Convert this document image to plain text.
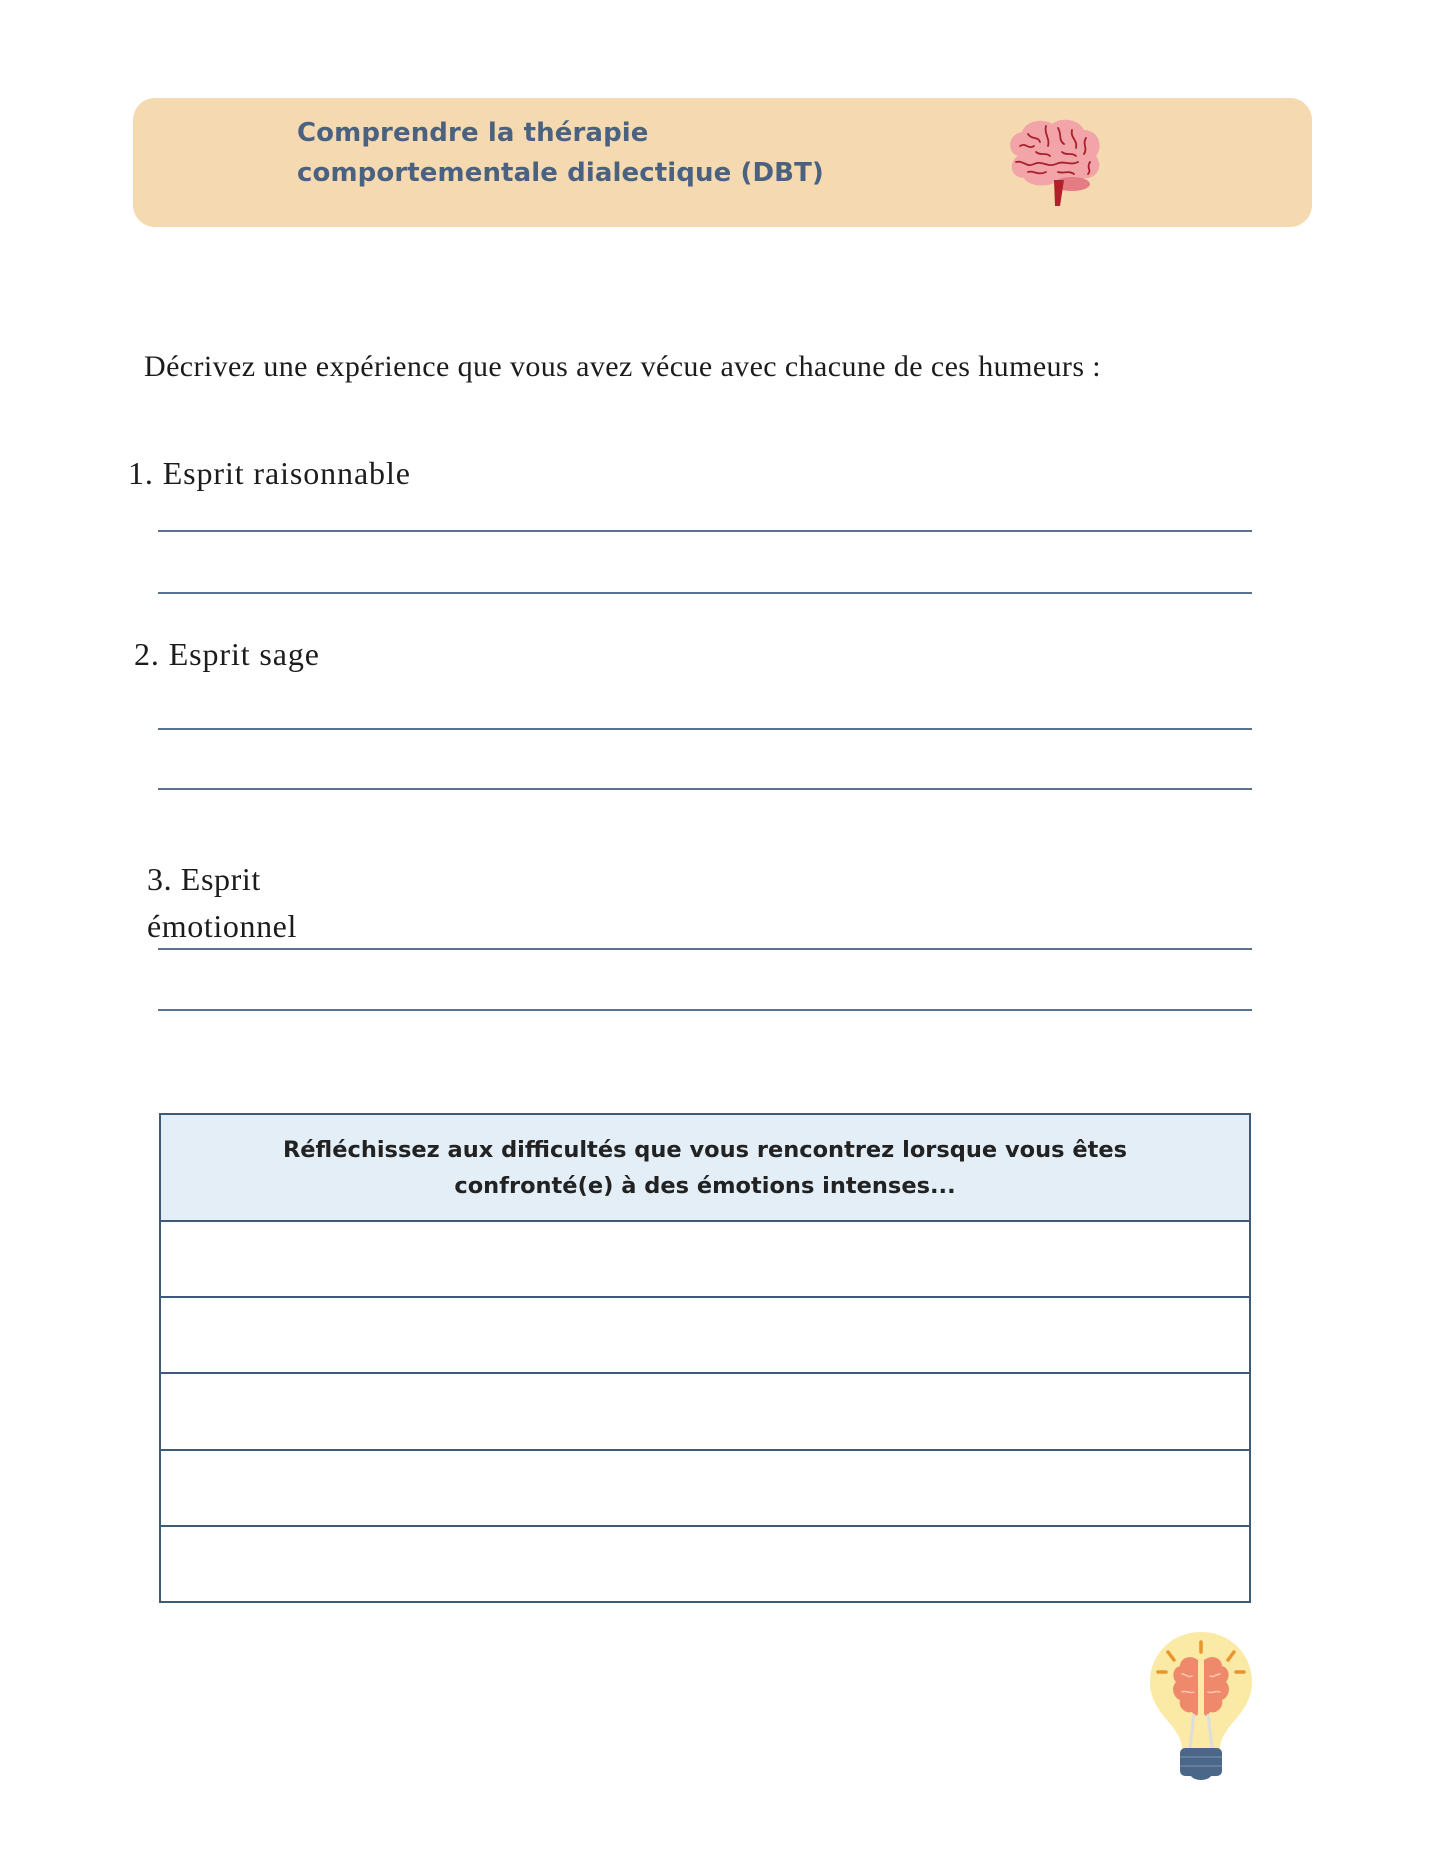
Comprendre la thérapie
comportementale dialectique (DBT)
Décrivez une expérience que vous avez vécue avec chacune de ces humeurs :
1. Esprit raisonnable
2. Esprit sage
3. Esprit
émotionnel
Réfléchissez aux difficultés que vous rencontrez lorsque vous êtes
confronté(e) à des émotions intenses...
